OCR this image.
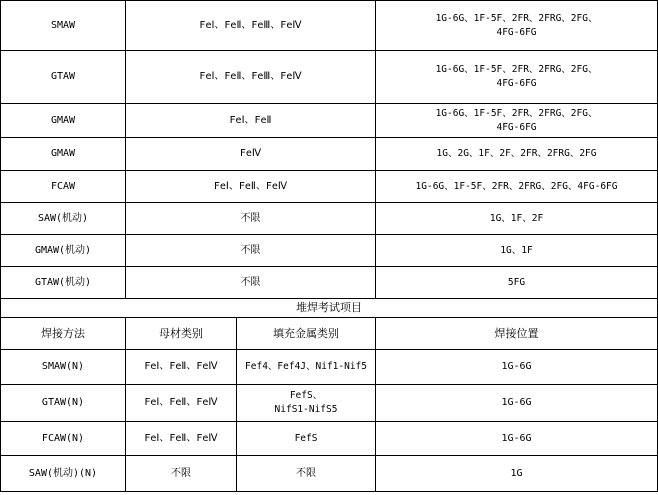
SMAW	FeⅠ、FeⅡ、FeⅢ、FeⅣ		1G-6G、1F-5F、2FR、2FRG、2FG、
4FG-6FG

GTAW	FeⅠ、FeⅡ、FeⅢ、FeⅣ		1G-6G、1F-5F、2FR、2FRG、2FG、
4FG-6FG

GMAW	FeⅠ、FeⅡ		1G-6G、1F-5F、2FR、2FRG、2FG、
4FG-6FG

GMAW	FeⅣ		1G、2G、1F、2F、2FR、2FRG、2FG
FCAW	FeⅠ、FeⅡ、FeⅣ		1G-6G、1F-5F、2FR、2FRG、2FG、4FG-6FG
SAW(机动)	不限		1G、1F、2F
GMAW(机动)	不限		1G、1F
GTAW(机动)	不限		5FG
堆焊考试项目			
焊接方法	母材类别	填充金属类别	焊接位置
SMAW(N)	FeⅠ、FeⅡ、FeⅣ	Fef4、Fef4J、Nif1-Nif5	1G-6G
GTAW(N)	FeⅠ、FeⅡ、FeⅣ	FefS、
NifS1-NifS5	1G-6G
FCAW(N)	FeⅠ、FeⅡ、FeⅣ	FefS	1G-6G
SAW(机动)(N)	不限	不限	1G
